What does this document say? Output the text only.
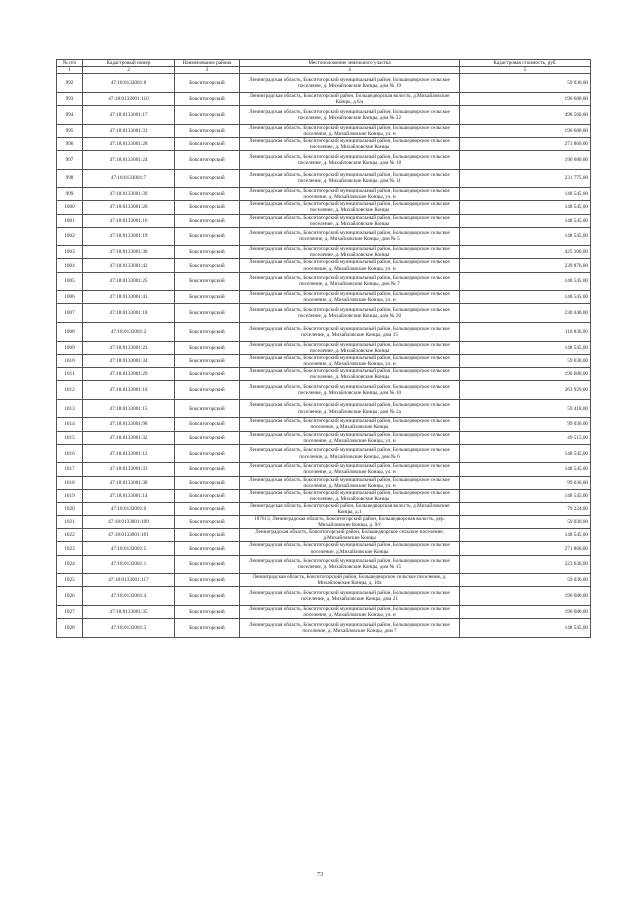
№ п/п	Кадастровый номер	Наименование района	Местоположение земельного участка	Кадастровая стоимость, руб.
1	2	3	4	5
992	47:18:0133001:8	Бокситогорский	Ленинградская область, Бокситогорский муниципальный район, Большедворское сельское поселение, д. Михайловские Концы, дом № 19	59 030,00
993	47:18:0133001:110	Бокситогорский	Ленинградская область, Бокситогорский район, Большедворская волость, д.Михайловские Концы, д.6/а	190 680,00
994	47:18:0133001:17	Бокситогорский	Ленинградская область, Бокситогорский муниципальный район, Большедворское сельское поселение, д. Михайловские Концы, дом № 22	498 560,00
995	47:18:0133001:31	Бокситогорский	Ленинградская область, Бокситогорский муниципальный район, Большедворское сельское поселение, д. Михайловские Концы, ул. н	190 680,00
996	47:18:0133001:28	Бокситогорский	Ленинградская область, Бокситогорский муниципальный район, Большедворское сельское поселение, д. Михайловские Концы	271 860,00
997	47:18:0133001:24	Бокситогорский	Ленинградская область, Бокситогорский муниципальный район, Большедворское сельское поселение, д. Михайловские Концы, дом № 18	190 680,00
998	47:18:0133001:7	Бокситогорский	Ленинградская область, Бокситогорский муниципальный район, Большедворское сельское поселение, д. Михайловские Концы, дом № 11	231 775,00
999	47:18:0133001:39	Бокситогорский	Ленинградская область, Бокситогорский муниципальный район, Большедворское сельское поселение, д. Михайловские Концы, ул. н	148 545,00
1000	47:18:0133001:20	Бокситогорский	Ленинградская область, Бокситогорский муниципальный район, Большедворское сельское поселение, д. Михайловские Концы	148 545,00
1001	47:18:0133001:16	Бокситогорский	Ленинградская область, Бокситогорский муниципальный район, Большедворское сельское поселение, д. Михайловские Концы	148 545,00
1002	47:18:0133001:19	Бокситогорский	Ленинградская область, Бокситогорский муниципальный район, Большедворское сельское поселение, д. Михайловские Концы, дом № 5	148 545,00
1003	47:18:0133001:30	Бокситогорский	Ленинградская область, Бокситогорский муниципальный район, Большедворское сельское поселение, д. Михайловские Концы	425 106,00
1004	47:18:0133001:42	Бокситогорский	Ленинградская область, Бокситогорский муниципальный район, Большедворское сельское поселение, д. Михайловские Концы, ул. н	239 876,00
1005	47:18:0133001:25	Бокситогорский	Ленинградская область, Бокситогорский муниципальный район, Большедворское сельское поселение, д. Михайловские Концы, дом № 7	148 545,00
1006	47:18:0133001:41	Бокситогорский	Ленинградская область, Бокситогорский муниципальный район, Большедворское сельское поселение, д. Михайловские Концы, ул. н	148 545,00
1007	47:18:0133001:18	Бокситогорский	Ленинградская область, Бокситогорский муниципальный район, Большедворское сельское поселение, д. Михайловские Концы, дом № 20	230 440,00
1008	47:18:0133001:2	Бокситогорский	Ленинградская область, Бокситогорский муниципальный район, Большедворское сельское поселение, д. Михайловские Концы, дом 15	118 836,00
1009	47:18:0133001:23	Бокситогорский	Ленинградская область, Бокситогорский муниципальный район, Большедворское сельское поселение, д. Михайловские Концы	148 545,00
1010	47:18:0133001:34	Бокситогорский	Ленинградская область, Бокситогорский муниципальный район, Большедворское сельское поселение, д. Михайловские Концы, ул. н	59 030,00
1011	47:18:0133001:29	Бокситогорский	Ленинградская область, Бокситогорский муниципальный район, Большедворское сельское поселение, д. Михайловские Концы	190 680,00
1012	47:18:0133001:10	Бокситогорский	Ленинградская область, Бокситогорский муниципальный район, Большедворское сельское поселение, д. Михайловские Концы, дом № 10	263 929,00
1013	47:18:0133001:15	Бокситогорский	Ленинградская область, Бокситогорский муниципальный район, Большедворское сельское поселение, д. Михайловские Концы, дом № 2а	59 418,00
1014	47:18:0133001:98	Бокситогорский	Ленинградская область, Бокситогорский муниципальный район, Большедворское сельское поселение, д.Михайловские Концы	99 036,00
1015	47:18:0133001:32	Бокситогорский	Ленинградская область, Бокситогорский муниципальный район, Большедворское сельское поселение, д. Михайловские Концы, ул. н	49 515,00
1016	47:18:0133001:12	Бокситогорский	Ленинградская область, Бокситогорский муниципальный район, Большедворское сельское поселение, д. Михайловские Концы, дом № 6	148 545,00
1017	47:18:0133001:33	Бокситогорский	Ленинградская область, Бокситогорский муниципальный район, Большедворское сельское поселение, д. Михайловские Концы, ул. н	148 545,00
1018	47:18:0133001:38	Бокситогорский	Ленинградская область, Бокситогорский муниципальный район, Большедворское сельское поселение, д. Михайловские Концы, ул. н	99 036,00
1019	47:18:0133001:14	Бокситогорский	Ленинградская область, Бокситогорский муниципальный район, Большедворское сельское поселение, д. Михайловские Концы	148 545,00
1020	47:18:0133001:6	Бокситогорский	Ленинградская область, Бокситогорский район, Большедворская волость, д.Михайловские Концы, д.1	79 224,00
1021	47:18:0133001:109	Бокситогорский	187613, Ленинградская область, Бокситогорский район, Большедворская волость, дер. Михайловские Концы, д. 9/г	59 030,00
1022	47:18:0133001:101	Бокситогорский	Ленинградская область, Бокситогорский район, Большедворское сельское поселение, д.Михайловские Концы	148 545,00
1023	47:18:0133001:5	Бокситогорский	Ленинградская область, Бокситогорский муниципальный район, Большедворское сельское поселение, д.Михайловские Концы	271 860,00
1024	47:18:0133001:1	Бокситогорский	Ленинградская область, Бокситогорский муниципальный район, Большедворское сельское поселение, д. Михайловские Концы, дом № 15	223 636,00
1025	47:18:0133001:117	Бокситогорский	Ленинградская область, Бокситогорский район, Большедворское сельское поселение, д. Михайловские Концы, д. 10а	59 030,00
1026	47:18:0133001:4	Бокситогорский	Ленинградская область, Бокситогорский муниципальный район, Большедворское сельское поселение, д. Михайловские Концы, дом 21	190 680,00
1027	47:18:0133001:35	Бокситогорский	Ленинградская область, Бокситогорский муниципальный район, Большедворское сельское поселение, д. Михайловские Концы, ул. н	190 680,00
1028	47:18:0133001:3	Бокситогорский	Ленинградская область, Бокситогорский муниципальный район, Большедворское сельское поселение, д. Михайловские Концы, дом 7	148 545,00
73
